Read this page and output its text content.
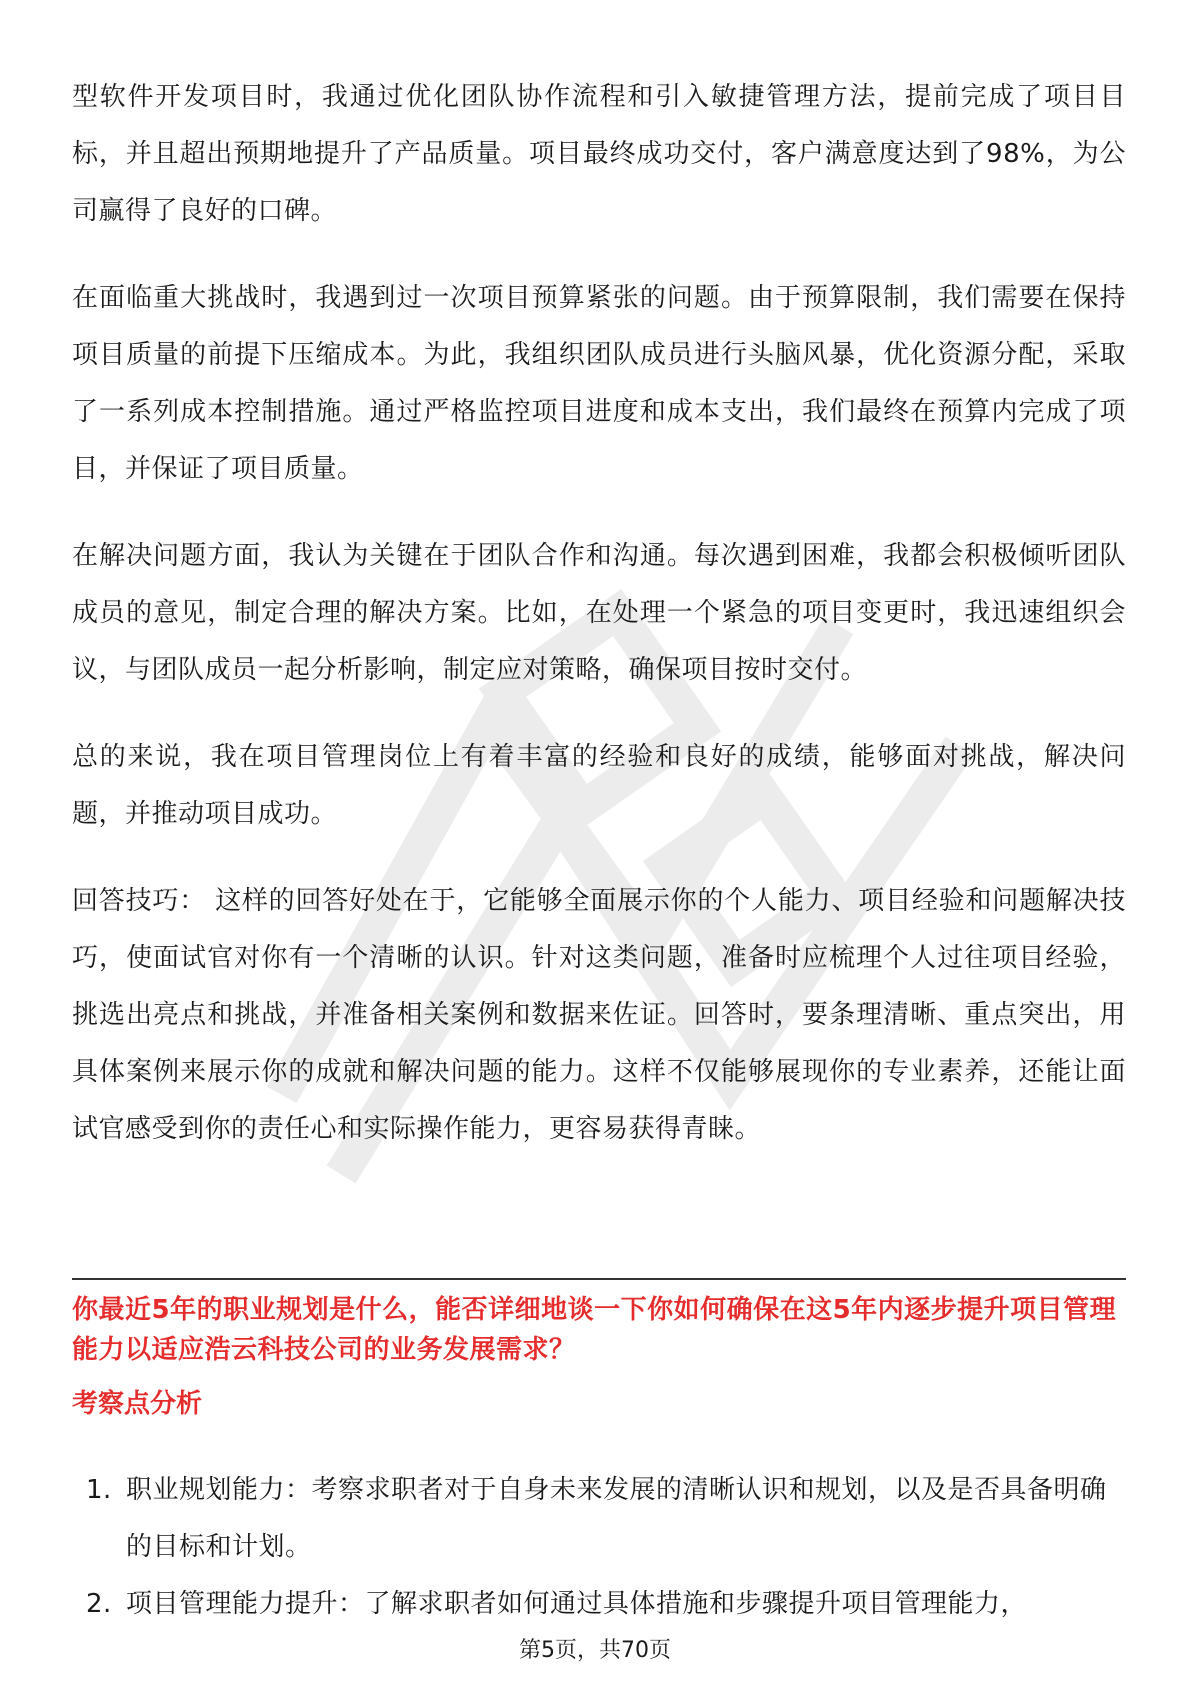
型软件开发项目时，我通过优化团队协作流程和引入敏捷管理方法，提前完成了项目目标，并且超出预期地提升了产品质量。项目最终成功交付，客户满意度达到了98%，为公司赢得了良好的口碑。

在面临重大挑战时，我遇到过一次项目预算紧张的问题。由于预算限制，我们需要在保持项目质量的前提下压缩成本。为此，我组织团队成员进行头脑风暴，优化资源分配，采取了一系列成本控制措施。通过严格监控项目进度和成本支出，我们最终在预算内完成了项目，并保证了项目质量。

在解决问题方面，我认为关键在于团队合作和沟通。每次遇到困难，我都会积极倾听团队成员的意见，制定合理的解决方案。比如，在处理一个紧急的项目变更时，我迅速组织会议，与团队成员一起分析影响，制定应对策略，确保项目按时交付。

总的来说，我在项目管理岗位上有着丰富的经验和良好的成绩，能够面对挑战，解决问题，并推动项目成功。

回答技巧： 这样的回答好处在于，它能够全面展示你的个人能力、项目经验和问题解决技巧，使面试官对你有一个清晰的认识。针对这类问题，准备时应梳理个人过往项目经验，挑选出亮点和挑战，并准备相关案例和数据来佐证。回答时，要条理清晰、重点突出，用具体案例来展示你的成就和解决问题的能力。这样不仅能够展现你的专业素养，还能让面试官感受到你的责任心和实际操作能力，更容易获得青睐。

你最近5年的职业规划是什么，能否详细地谈一下你如何确保在这5年内逐步提升项目管理能力以适应浩云科技公司的业务发展需求？

考察点分析

1. 职业规划能力：考察求职者对于自身未来发展的清晰认识和规划，以及是否具备明确的目标和计划。
2. 项目管理能力提升：了解求职者如何通过具体措施和步骤提升项目管理能力，
第5页，共70页
